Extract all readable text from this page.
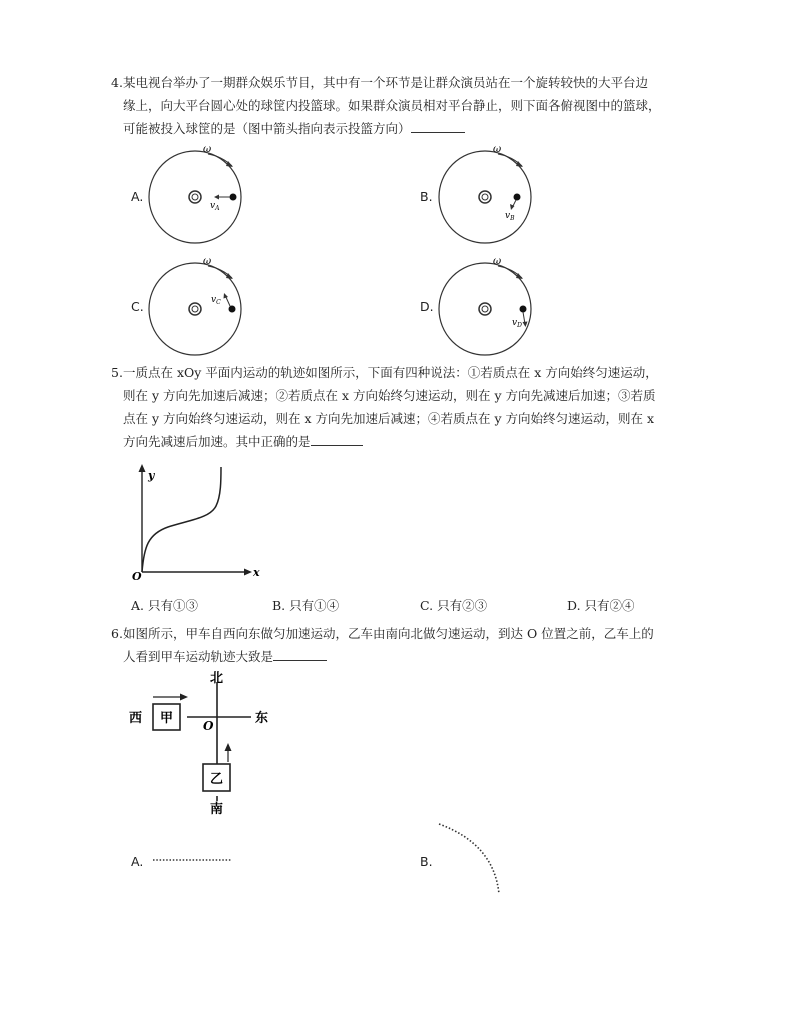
4.某电视台举办了一期群众娱乐节目，其中有一个环节是让群众演员站在一个旋转较快的大平台边

缘上，向大平台圆心处的球筐内投篮球。如果群众演员相对平台静止，则下面各俯视图中的篮球，

可能被投入球筐的是（图中箭头指向表示投篮方向）

A.
ω
$v_A$
B.
ω
$v_B$
C.
ω
$v_C$	D.
ω
$v_D$

5.一质点在 xOy 平面内运动的轨迹如图所示，下面有四种说法：①若质点在 x 方向始终匀速运动，

则在 y 方向先加速后减速；②若质点在 x 方向始终匀速运动，则在 y 方向先减速后加速；③若质

点在 y 方向始终匀速运动，则在 x 方向先加速后减速；④若质点在 y 方向始终匀速运动，则在 x

方向先减速后加速。其中正确的是

y
x
O
A. 只有①③	B. 只有①④	C. 只有②③	D. 只有②④

6.如图所示，甲车自西向东做匀加速运动，乙车由南向北做匀速运动，到达 O 位置之前，乙车上的

人看到甲车运动轨迹大致是

北
南
西	东
甲
乙
O
A.	B.
